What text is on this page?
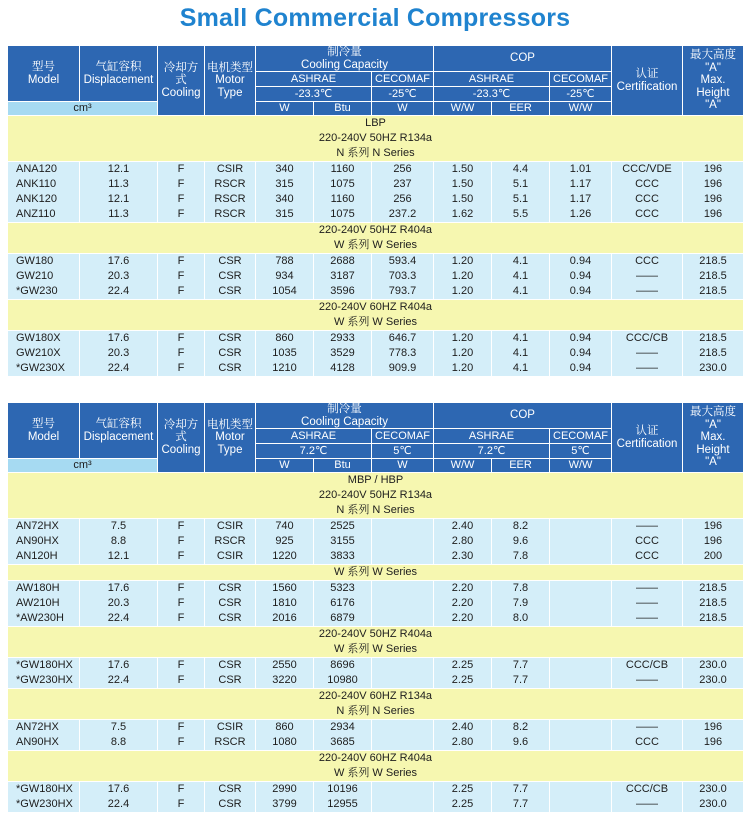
Small Commercial Compressors
型号
Model	气缸容积
Displacement	冷却方
式
Cooling	电机类型
Motor
Type	制冷量
Cooling Capacity			COP			认证
Certification	最大高度
"A"
Max.
Height
"A"
				ASHRAE		CECOMAF	ASHRAE		CECOMAF		
				-23.3℃		-25℃	-23.3℃		-25℃		
cm³				W	Btu	W	W/W	EER	W/W		
LBP											
220-240V 50HZ R134a											
N 系列 N Series											
ANA120	12.1	F	CSIR	340	1160	256	1.50	4.4	1.01	CCC/VDE	196
ANK110	11.3	F	RSCR	315	1075	237	1.50	5.1	1.17	CCC	196
ANK120	12.1	F	RSCR	340	1160	256	1.50	5.1	1.17	CCC	196
ANZ110	11.3	F	RSCR	315	1075	237.2	1.62	5.5	1.26	CCC	196
220-240V 50HZ R404a											
W 系列 W Series											
GW180	17.6	F	CSR	788	2688	593.4	1.20	4.1	0.94	CCC	218.5
GW210	20.3	F	CSR	934	3187	703.3	1.20	4.1	0.94	——	218.5
*GW230	22.4	F	CSR	1054	3596	793.7	1.20	4.1	0.94	——	218.5
220-240V 60HZ R404a											
W 系列 W Series											
GW180X	17.6	F	CSR	860	2933	646.7	1.20	4.1	0.94	CCC/CB	218.5
GW210X	20.3	F	CSR	1035	3529	778.3	1.20	4.1	0.94	——	218.5
*GW230X	22.4	F	CSR	1210	4128	909.9	1.20	4.1	0.94	——	230.0
型号
Model	气缸容积
Displacement	冷却方
式
Cooling	电机类型
Motor
Type	制冷量
Cooling Capacity			COP			认证
Certification	最大高度
"A"
Max.
Height
"A"
				ASHRAE		CECOMAF	ASHRAE		CECOMAF		
				7.2℃		5℃	7.2℃		5℃		
cm³				W	Btu	W	W/W	EER	W/W		
MBP / HBP											
220-240V 50HZ R134a											
N 系列 N Series											
AN72HX	7.5	F	CSIR	740	2525		2.40	8.2		——	196
AN90HX	8.8	F	RSCR	925	3155		2.80	9.6		CCC	196
AN120H	12.1	F	CSIR	1220	3833		2.30	7.8		CCC	200
W 系列 W Series											
AW180H	17.6	F	CSR	1560	5323		2.20	7.8		——	218.5
AW210H	20.3	F	CSR	1810	6176		2.20	7.9		——	218.5
*AW230H	22.4	F	CSR	2016	6879		2.20	8.0		——	218.5
220-240V 50HZ R404a											
W 系列 W Series											
*GW180HX	17.6	F	CSR	2550	8696		2.25	7.7		CCC/CB	230.0
*GW230HX	22.4	F	CSR	3220	10980		2.25	7.7		——	230.0
220-240V 60HZ R134a											
N 系列 N Series											
AN72HX	7.5	F	CSIR	860	2934		2.40	8.2		——	196
AN90HX	8.8	F	RSCR	1080	3685		2.80	9.6		CCC	196
220-240V 60HZ R404a											
W 系列 W Series											
*GW180HX	17.6	F	CSR	2990	10196		2.25	7.7		CCC/CB	230.0
*GW230HX	22.4	F	CSR	3799	12955		2.25	7.7		——	230.0
